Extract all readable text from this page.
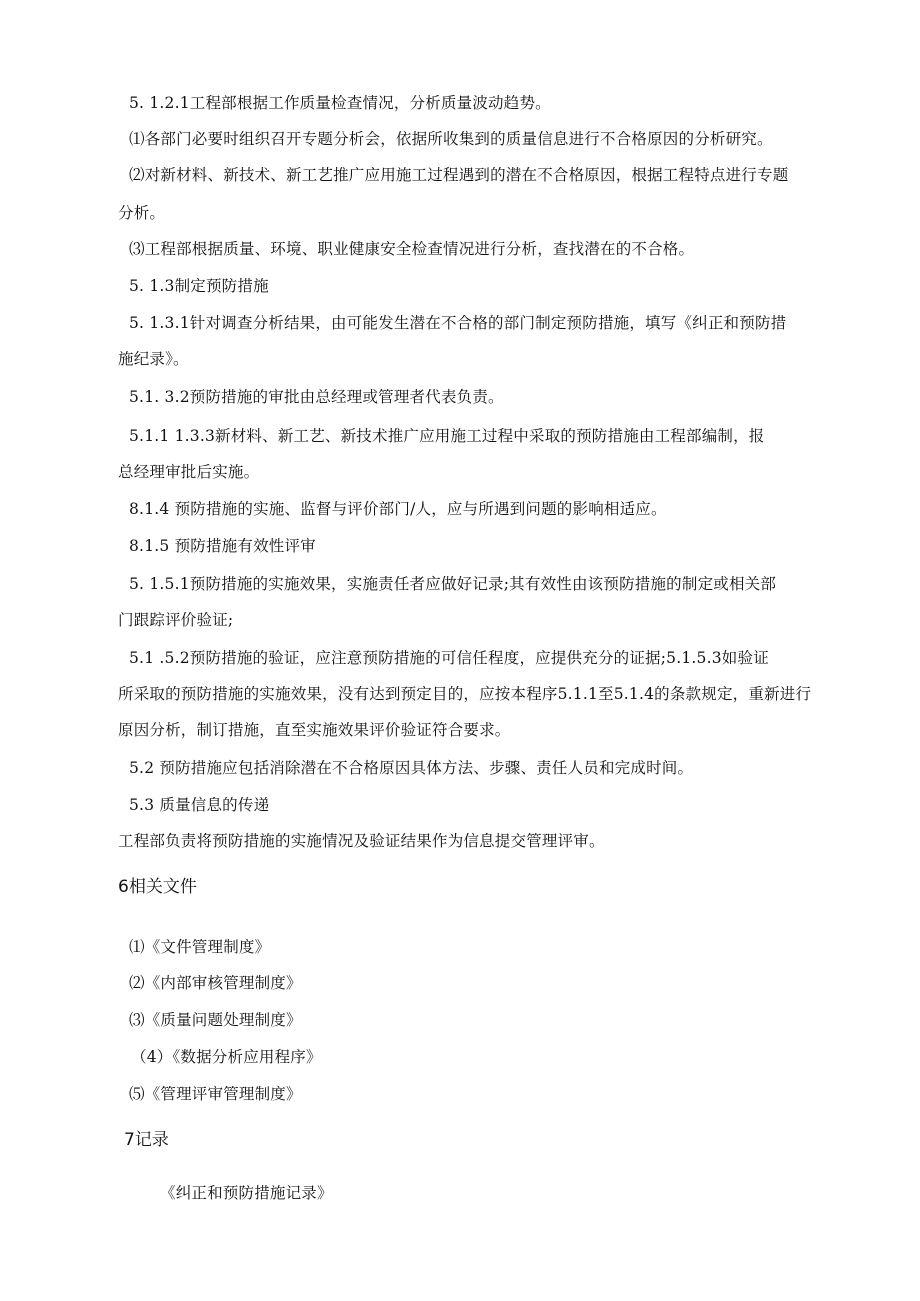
5. 1.2.1工程部根据工作质量检查情况，分析质量波动趋势。
⑴各部门必要时组织召开专题分析会，依据所收集到的质量信息进行不合格原因的分析研究。
⑵对新材料、新技术、新工艺推广应用施工过程遇到的潜在不合格原因，根据工程特点进行专题
分析。
⑶工程部根据质量、环境、职业健康安全检查情况进行分析，查找潜在的不合格。
5. 1.3制定预防措施
5. 1.3.1针对调查分析结果，由可能发生潜在不合格的部门制定预防措施，填写《纠正和预防措
施纪录》。
5.1. 3.2预防措施的审批由总经理或管理者代表负责。
5.1.1 1.3.3新材料、新工艺、新技术推广应用施工过程中采取的预防措施由工程部编制，报
总经理审批后实施。
8.1.4 预防措施的实施、监督与评价部门/人，应与所遇到问题的影响相适应。
8.1.5 预防措施有效性评审
5. 1.5.1预防措施的实施效果，实施责任者应做好记录;其有效性由该预防措施的制定或相关部
门跟踪评价验证;
5.1 .5.2预防措施的验证，应注意预防措施的可信任程度，应提供充分的证据;5.1.5.3如验证
所采取的预防措施的实施效果，没有达到预定目的，应按本程序5.1.1至5.1.4的条款规定，重新进行
原因分析，制订措施，直至实施效果评价验证符合要求。
5.2 预防措施应包括消除潜在不合格原因具体方法、步骤、责任人员和完成时间。
5.3 质量信息的传递
工程部负责将预防措施的实施情况及验证结果作为信息提交管理评审。
6相关文件
⑴《文件管理制度》
⑵《内部审核管理制度》
⑶《质量问题处理制度》
（4）《数据分析应用程序》
⑸《管理评审管理制度》
7记录
《纠正和预防措施记录》
